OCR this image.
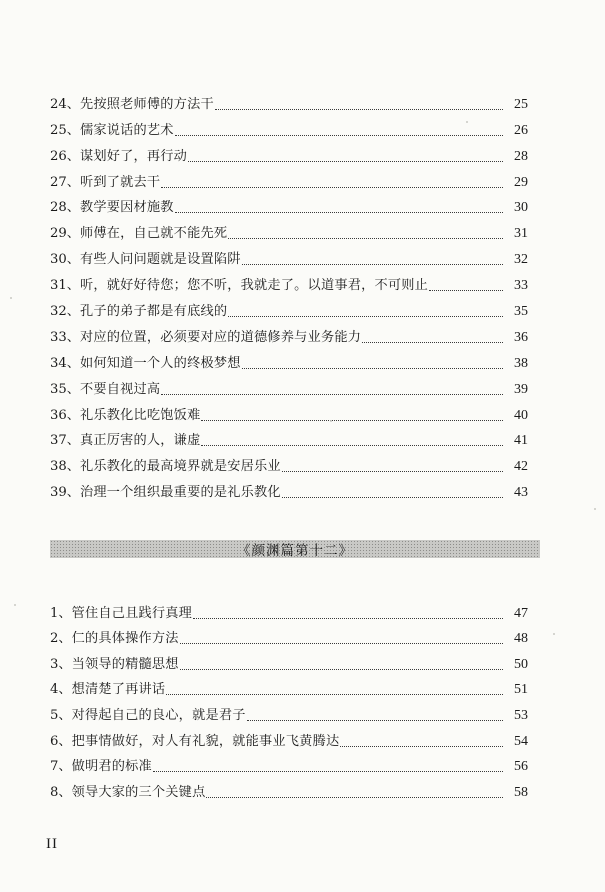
24、 先按照老师傅的方法干	25
25、 儒家说话的艺术	26
26、 谋划好了，再行动	28
27、 听到了就去干	29
28、 教学要因材施教	30
29、 师傅在，自己就不能先死	31
30、 有些人问问题就是设置陷阱	32
31、 听，就好好待您；您不听，我就走了。以道事君，不可则止	33
32、 孔子的弟子都是有底线的	35
33、 对应的位置，必须要对应的道德修养与业务能力	36
34、 如何知道一个人的终极梦想	38
35、 不要自视过高	39
36、 礼乐教化比吃饱饭难	40
37、 真正厉害的人，谦虚	41
38、 礼乐教化的最高境界就是安居乐业	42
39、 治理一个组织最重要的是礼乐教化	43
《颜渊篇第十二》
1、 管住自己且践行真理	47
2、 仁的具体操作方法	48
3、 当领导的精髓思想	50
4、 想清楚了再讲话	51
5、 对得起自己的良心，就是君子	53
6、 把事情做好，对人有礼貌，就能事业飞黄腾达	54
7、 做明君的标准	56
8、 领导大家的三个关键点	58
II
